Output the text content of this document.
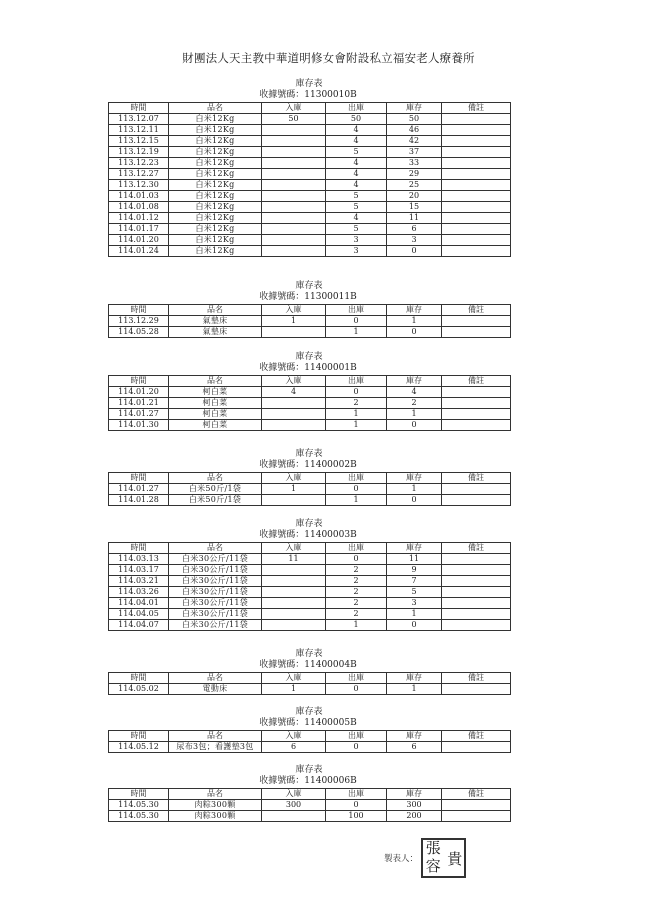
財團法人天主教中華道明修女會附設私立福安老人療養所
庫存表
收據號碼：11300010B
時間	品名	入庫	出庫	庫存	備註
113.12.07	白米12Kg	50	50	50	
113.12.11	白米12Kg		4	46	
113.12.15	白米12Kg		4	42	
113.12.19	白米12Kg		5	37	
113.12.23	白米12Kg		4	33	
113.12.27	白米12Kg		4	29	
113.12.30	白米12Kg		4	25	
114.01.03	白米12Kg		5	20	
114.01.08	白米12Kg		5	15	
114.01.12	白米12Kg		4	11	
114.01.17	白米12Kg		5	6	
114.01.20	白米12Kg		3	3	
114.01.24	白米12Kg		3	0	
庫存表
收據號碼：11300011B
時間	品名	入庫	出庫	庫存	備註
113.12.29	氣墊床	1	0	1	
114.05.28	氣墊床		1	0	
庫存表
收據號碼：11400001B
時間	品名	入庫	出庫	庫存	備註
114.01.20	柯白菜	4	0	4	
114.01.21	柯白菜		2	2	
114.01.27	柯白菜		1	1	
114.01.30	柯白菜		1	0	
庫存表
收據號碼：11400002B
時間	品名	入庫	出庫	庫存	備註
114.01.27	白米50斤/1袋	1	0	1	
114.01.28	白米50斤/1袋		1	0	
庫存表
收據號碼：11400003B
時間	品名	入庫	出庫	庫存	備註
114.03.13	白米30公斤/11袋	11	0	11	
114.03.17	白米30公斤/11袋		2	9	
114.03.21	白米30公斤/11袋		2	7	
114.03.26	白米30公斤/11袋		2	5	
114.04.01	白米30公斤/11袋		2	3	
114.04.05	白米30公斤/11袋		2	1	
114.04.07	白米30公斤/11袋		1	0	
庫存表
收據號碼：11400004B
時間	品名	入庫	出庫	庫存	備註
114.05.02	電動床	1	0	1	
庫存表
收據號碼：11400005B
時間	品名	入庫	出庫	庫存	備註
114.05.12	尿布3包；看護墊3包	6	0	6	
庫存表
收據號碼：11400006B
時間	品名	入庫	出庫	庫存	備註
114.05.30	肉粽300顆	300	0	300	
114.05.30	肉粽300顆		100	200	
製表人：
張
貴
容
